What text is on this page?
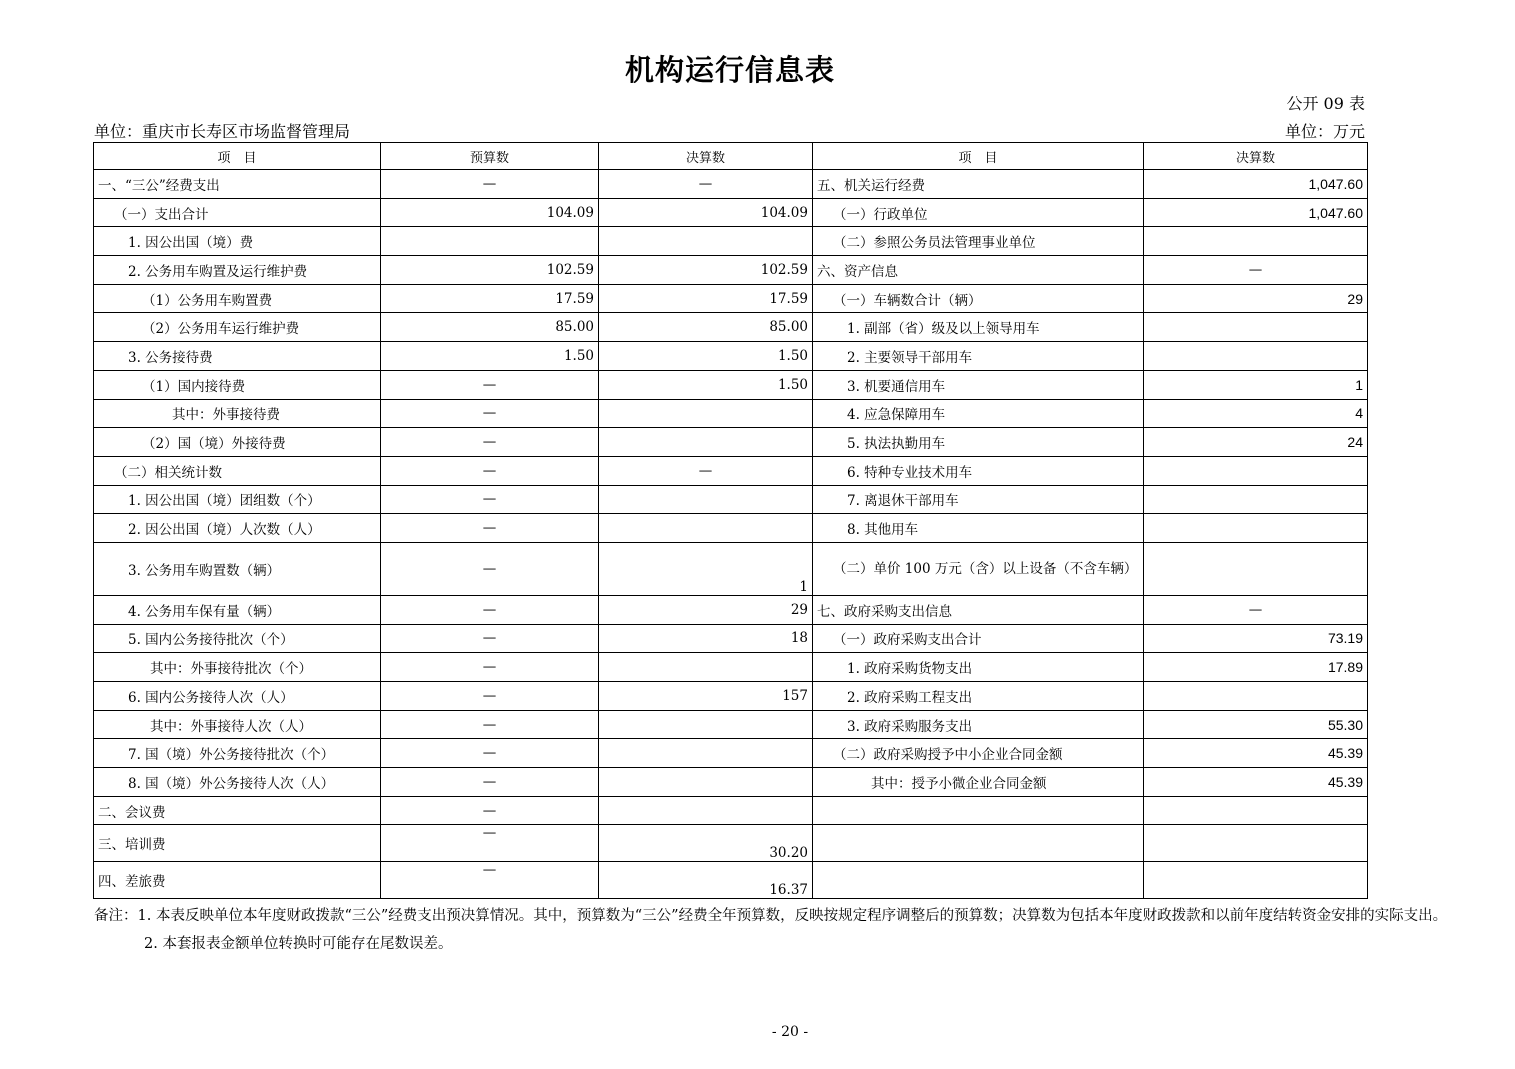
机构运行信息表
公开 09 表
单位：重庆市长寿区市场监督管理局	单位：万元
项　目	预算数	决算数	项　目	决算数
一、“三公”经费支出	—	—	五、机关运行经费	1,047.60
（一）支出合计	104.09	104.09	（一）行政单位	1,047.60
1. 因公出国（境）费			（二）参照公务员法管理事业单位	
2. 公务用车购置及运行维护费	102.59	102.59	六、资产信息	—
（1）公务用车购置费	17.59	17.59	（一）车辆数合计（辆）	29
（2）公务用车运行维护费	85.00	85.00	1. 副部（省）级及以上领导用车	
3. 公务接待费	1.50	1.50	2. 主要领导干部用车	
（1）国内接待费	—	1.50	3. 机要通信用车	1
其中：外事接待费	—		4. 应急保障用车	4
（2）国（境）外接待费	—		5. 执法执勤用车	24
（二）相关统计数	—	—	6. 特种专业技术用车	
1. 因公出国（境）团组数（个）	—		7. 离退休干部用车	
2. 因公出国（境）人次数（人）	—		8. 其他用车	
3. 公务用车购置数（辆）	—	1	（二）单价 100 万元（含）以上设备（不含车辆）	
4. 公务用车保有量（辆）	—	29	七、政府采购支出信息	—
5. 国内公务接待批次（个）	—	18	（一）政府采购支出合计	73.19
其中：外事接待批次（个）	—		1. 政府采购货物支出	17.89
6. 国内公务接待人次（人）	—	157	2. 政府采购工程支出	
其中：外事接待人次（人）	—		3. 政府采购服务支出	55.30
7. 国（境）外公务接待批次（个）	—		（二）政府采购授予中小企业合同金额	45.39
8. 国（境）外公务接待人次（人）	—		其中：授予小微企业合同金额	45.39
二、会议费	—			
三、培训费	—	30.20		
四、差旅费	—	16.37		
备注：1. 本表反映单位本年度财政拨款“三公”经费支出预决算情况。其中，预算数为“三公”经费全年预算数，反映按规定程序调整后的预算数；决算数为包括本年度财政拨款和以前年度结转资金安排的实际支出。
2. 本套报表金额单位转换时可能存在尾数误差。
- 20 -
